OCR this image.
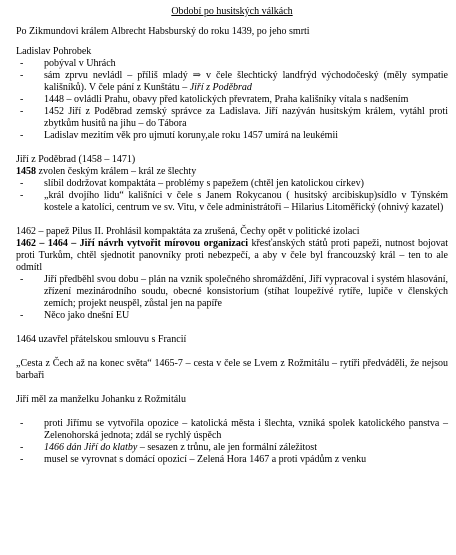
Období po husitských válkách

Po Zikmundovi králem Albrecht Habsburský do roku 1439, po jeho smrti

Ladislav Pohrobek

- pobýval v Uhrách
- sám zprvu nevládl – příliš mladý ⇒ v čele šlechtický landfrýd východočeský (měly sympatie kališníků). V čele pání z Kunštátu – Jiří z Poděbrad
- 1448 – ovládli Prahu, obavy před katolických převratem, Praha kališníky vítala s nadšením
- 1452 Jiří z Poděbrad zemský správce za Ladislava. Jiří nazýván husitským králem, vytáhl proti zbytkům husitů na jihu – do Tábora
- Ladislav mezitím věk pro ujmutí koruny,ale roku 1457 umírá na leukémii

Jiří z Poděbrad (1458 – 1471)

1458 zvolen českým králem – král ze šlechty

- slíbil dodržovat kompaktáta – problémy s papežem (chtěl jen katolickou církev)
- „král dvojího lidu“ kališníci v čele s Janem Rokycanou ( husitský arcibiskup)sídlo v Týnském kostele a katolíci, centrum ve sv. Vitu, v čele administrátoři – Hilarius Litoměřický (ohnivý kazatel)

1462 – papež Pilus II. Prohlásil kompaktáta za zrušená, Čechy opět v politické izolaci

1462 – 1464 – Jiří návrh vytvořit mírovou organizaci křesťanských států proti papeži, nutnost bojovat proti Turkům, chtěl sjednotit panovníky proti nebezpečí, a aby v čele byl francouzský král – ten to ale odmítl

- Jiří předběhl svou dobu – plán na vznik společného shromáždění, Jiří vypracoval i systém hlasování, zřízení mezinárodního soudu, obecné konsistorium (stíhat loupežívé rytíře, lupiče v členských zemích; projekt neuspěl, zůstal jen na papíře
- Něco jako dnešní EU

1464 uzavřel přátelskou smlouvu s Francií

„Cesta z Čech až na konec světa“ 1465-7 – cesta v čele se Lvem z Rožmitálu – rytíři předváděli, že nejsou barbaři

Jiří měl za manželku Johanku z Rožmitálu

- proti Jiřímu se vytvořila opozice – katolická města i šlechta, vzniká spolek katolického panstva – Zelenohorská jednota; zdál se rychlý úspěch
- 1466 dán Jiří do klatby – sesazen z trůnu, ale jen formální záležitost
- musel se vyrovnat s domácí opozicí – Zelená Hora 1467 a proti vpádům z venku
